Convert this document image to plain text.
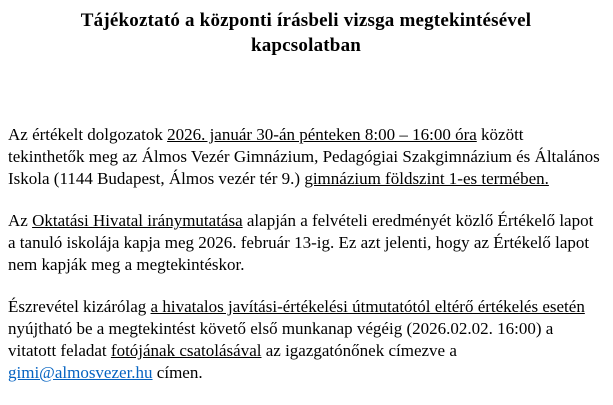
Tájékoztató a központi írásbeli vizsga megtekintésével kapcsolatban

Az értékelt dolgozatok 2026. január 30-án pénteken 8:00 – 16:00 óra között tekinthetők meg az Álmos Vezér Gimnázium, Pedagógiai Szakgimnázium és Általános Iskola (1144 Budapest, Álmos vezér tér 9.) gimnázium földszint 1-es termében.

Az Oktatási Hivatal iránymutatása alapján a felvételi eredményét közlő Értékelő lapot a tanuló iskolája kapja meg 2026. február 13-ig. Ez azt jelenti, hogy az Értékelő lapot nem kapják meg a megtekintéskor.

Észrevétel kizárólag a hivatalos javítási-értékelési útmutatótól eltérő értékelés esetén nyújtható be a megtekintést követő első munkanap végéig (2026.02.02. 16:00) a vitatott feladat fotójának csatolásával az igazgatónőnek címezve a gimi@almosvezer.hu címen.
